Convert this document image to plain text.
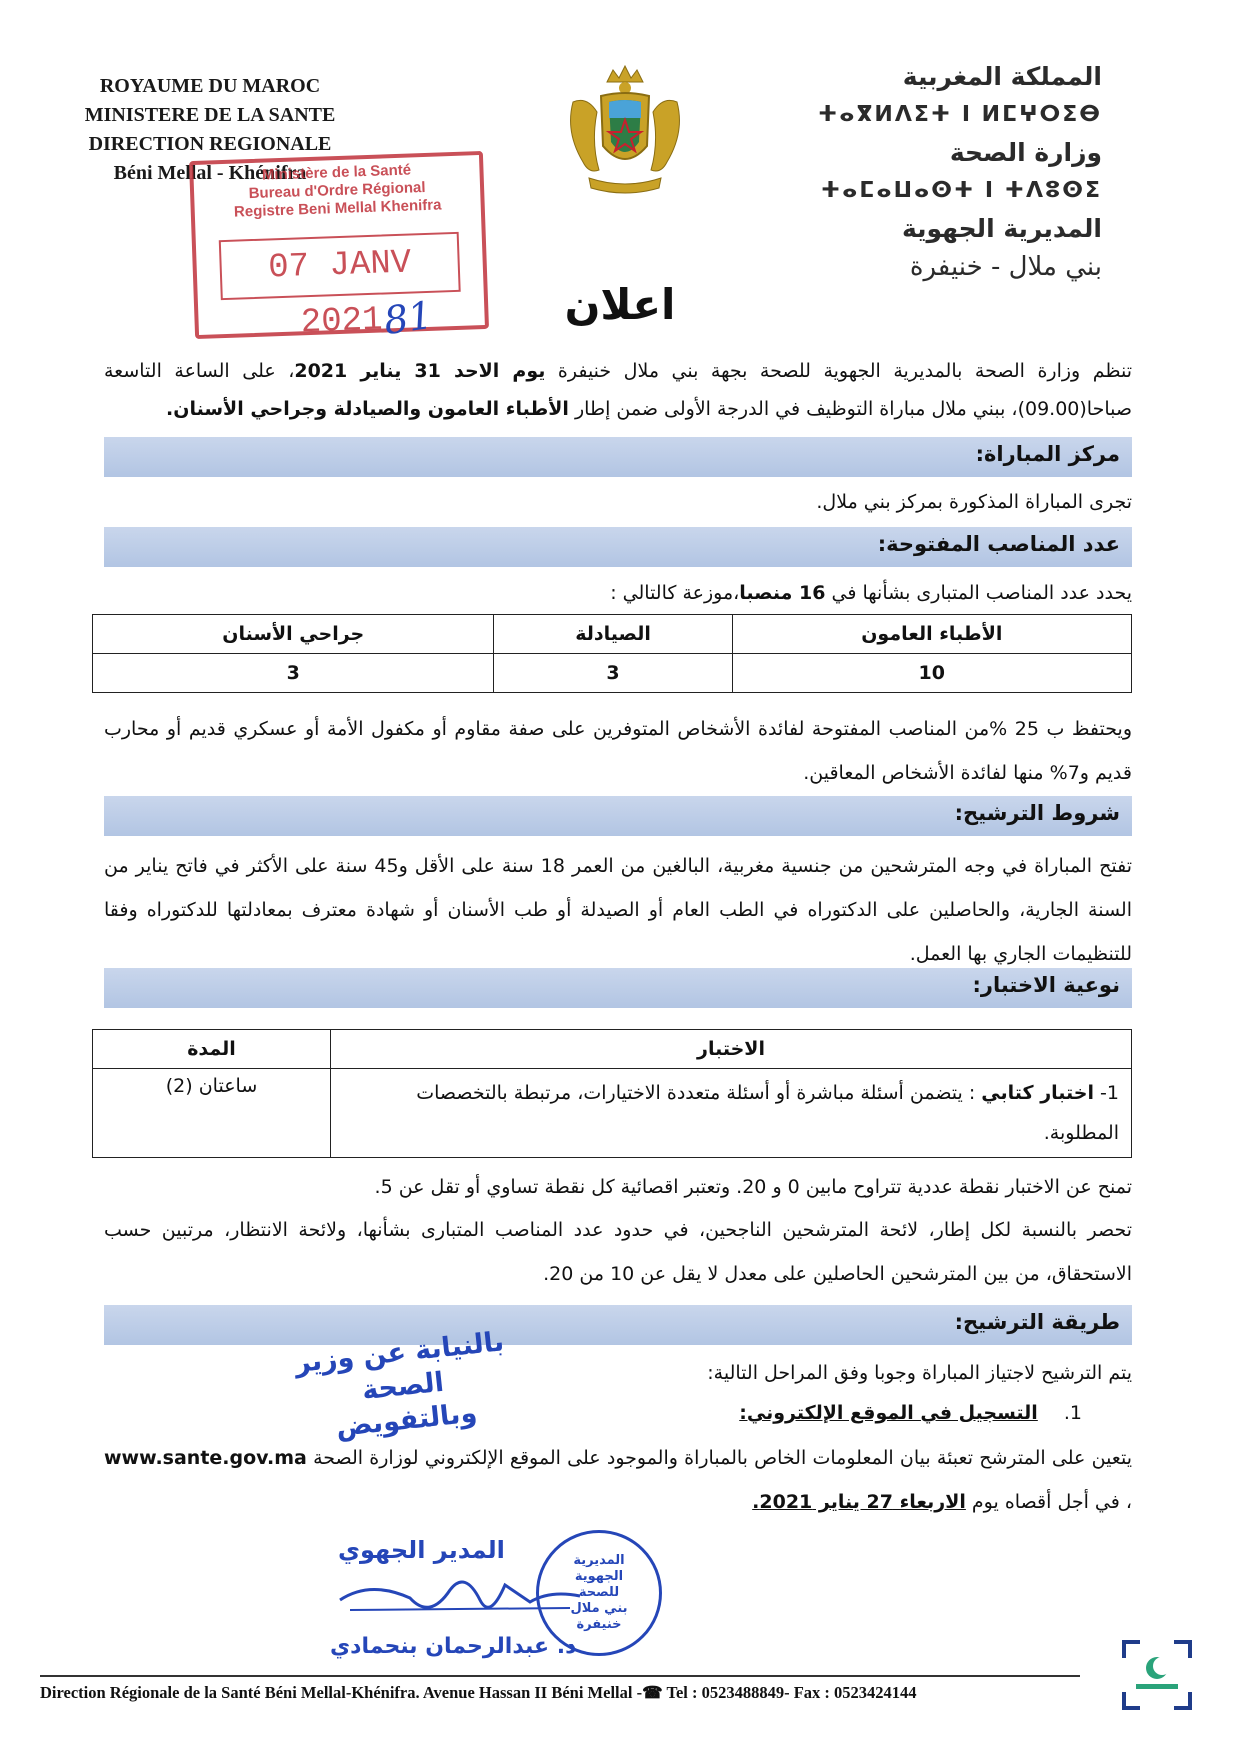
ROYAUME DU MAROC
MINISTERE DE LA SANTE
DIRECTION REGIONALE
Béni Mellal - Khénifra
المملكة المغربية
ⵜⴰⴳⵍⴷⵉⵜ ⵏ ⵍⵎⵖⵔⵉⴱ
وزارة الصحة
ⵜⴰⵎⴰⵡⴰⵙⵜ ⵏ ⵜⴷⵓⵙⵉ
المديرية الجهوية
بني ملال - خنيفرة
Ministère de la Santé
Bureau d'Ordre Régional
Registre Beni Mellal Khenifra
07 JANV 2021
81	اعلان
تنظم وزارة الصحة بالمديرية الجهوية للصحة بجهة بني ملال خنيفرة يوم الاحد 31 يناير 2021، على الساعة التاسعة صباحا(09.00)، ببني ملال مباراة التوظيف في الدرجة الأولى ضمن إطار الأطباء العامون والصيادلة وجراحي الأسنان.
مركز المباراة:
تجرى المباراة المذكورة بمركز بني ملال.
عدد المناصب المفتوحة:
يحدد عدد المناصب المتبارى بشأنها في 16 منصبا،موزعة كالتالي :
الأطباء العامون	الصيادلة	جراحي الأسنان
10	3	3
ويحتفظ ب 25 %من المناصب المفتوحة لفائدة الأشخاص المتوفرين على صفة مقاوم أو مكفول الأمة أو عسكري قديم أو محارب قديم و7% منها لفائدة الأشخاص المعاقين.
شروط الترشيح:
تفتح المباراة في وجه المترشحين من جنسية مغربية، البالغين من العمر 18 سنة على الأقل و45 سنة على الأكثر في فاتح يناير من السنة الجارية، والحاصلين على الدكتوراه في الطب العام أو الصيدلة أو طب الأسنان أو شهادة معترف بمعادلتها للدكتوراه وفقا للتنظيمات الجاري بها العمل.
نوعية الاختبار:
الاختبار	المدة
1- اختبار كتابي : يتضمن أسئلة مباشرة أو أسئلة متعددة الاختيارات، مرتبطة بالتخصصات المطلوبة.	ساعتان (2)
تمنح عن الاختبار نقطة عددية تتراوح مابين 0 و 20. وتعتبر اقصائية كل نقطة تساوي أو تقل عن 5.
تحصر بالنسبة لكل إطار، لائحة المترشحين الناجحين، في حدود عدد المناصب المتبارى بشأنها، ولائحة الانتظار، مرتبين حسب الاستحقاق، من بين المترشحين الحاصلين على معدل لا يقل عن 10 من 20.
طريقة الترشيح:
يتم الترشيح لاجتياز المباراة وجوبا وفق المراحل التالية:
1. التسجيل في الموقع الإلكتروني:
يتعين على المترشح تعبئة بيان المعلومات الخاص بالمباراة والموجود على الموقع الإلكتروني لوزارة الصحة www.sante.gov.ma ، في أجل أقصاه يوم الاربعاء 27 يناير 2021.
بالنيابة عن وزير الصحة
وبالتفويض
المدير الجهوي	المديرية
الجهوية
للصحة
بني ملال
خنيفرة
د. عبدالرحمان بنحمادي
Direction Régionale de la Santé Béni Mellal-Khénifra. Avenue Hassan II Béni Mellal -☎ Tel : 0523488849- Fax : 0523424144
